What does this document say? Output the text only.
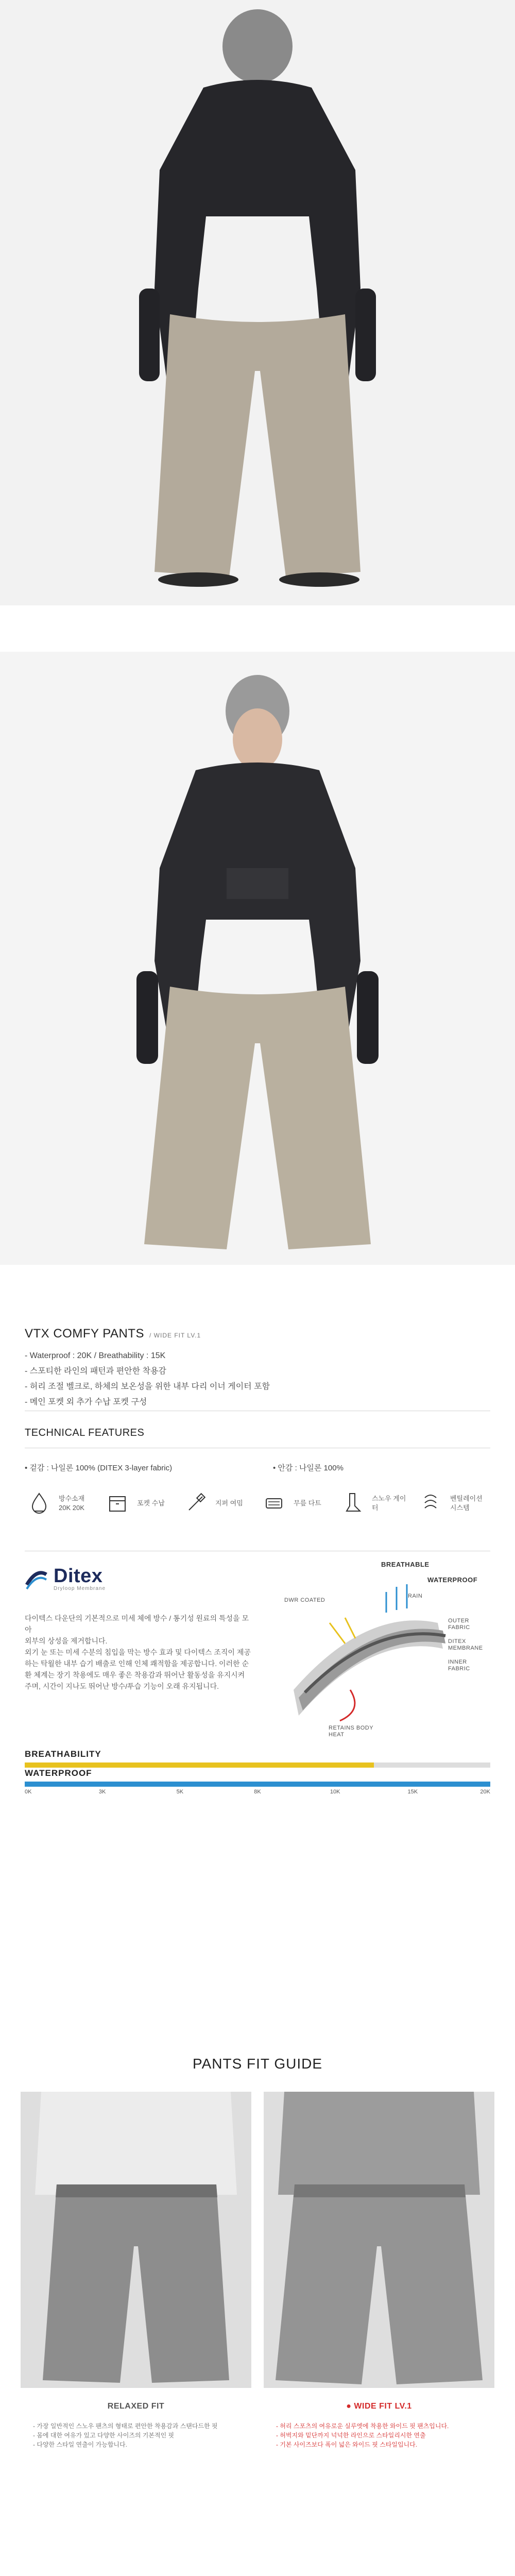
VTX COMFY PANTS / WIDE FIT LV.1
- Waterproof : 20K / Breathability : 15K
- 스포티한 라인의 패턴과 편안한 착용감
- 허리 조절 벨크로, 하체의 보온성을 위한 내부 다리 이너 게이터 포함
- 메인 포켓 외 추가 수납 포켓 구성
TECHNICAL FEATURES
• 겉감 : 나일론 100% (DITEX 3-layer fabric)	• 안감 : 나일론 100%
방수소재 20K 20K
포켓 수납	지퍼 여밈	무릎 다트
스노우 게이터
벤틸레이션 시스템
Ditex
Dryloop Membrane
다이텍스 다운단의 기본적으로 미세 체에 방수 / 통기성 원료의 특성을 모아
외부의 상성을 제거합니다.
외기 눈 또는 미세 수분의 침입을 막는 방수 효과 및 다이텍스 조직이 제공하는 탁월한 내부 습기 배출로 인해 인체 쾌적함을 제공합니다. 이러한 순환 체계는 장기 착용에도 매우 좋은 착용감과 뛰어난 활동성을 유지시켜주며, 시간이 지나도 뛰어난 방수/투습 기능이 오래 유지됩니다.
BREATHABLE
WATERPROOF
RAIN
DWR COATED
OUTER FABRIC
DITEX MEMBRANE
INNER FABRIC
RETAINS BODY HEAT
BREATHABILITY
WATERPROOF
0K	3K	5K	8K	10K	15K	20K
PANTS FIT GUIDE
RELAXED FIT	● WIDE FIT LV.1
- 가장 일반적인 스노우 팬츠의 형태로 편안한 착용감과 스탠다드한 핏
- 몸에 대한 여유가 있고 다양한 사이즈의 기본적인 핏
- 다양한 스타일 연출이 가능합니다.
- 허리 스포츠의 여유로운 실루엣에 착용한 와이드 핏 팬츠입니다.
- 허벅지와 밑단까지 넉넉한 라인으로 스타일리시한 연출
- 기본 사이즈보다 폭이 넓은 와이드 핏 스타일입니다.
